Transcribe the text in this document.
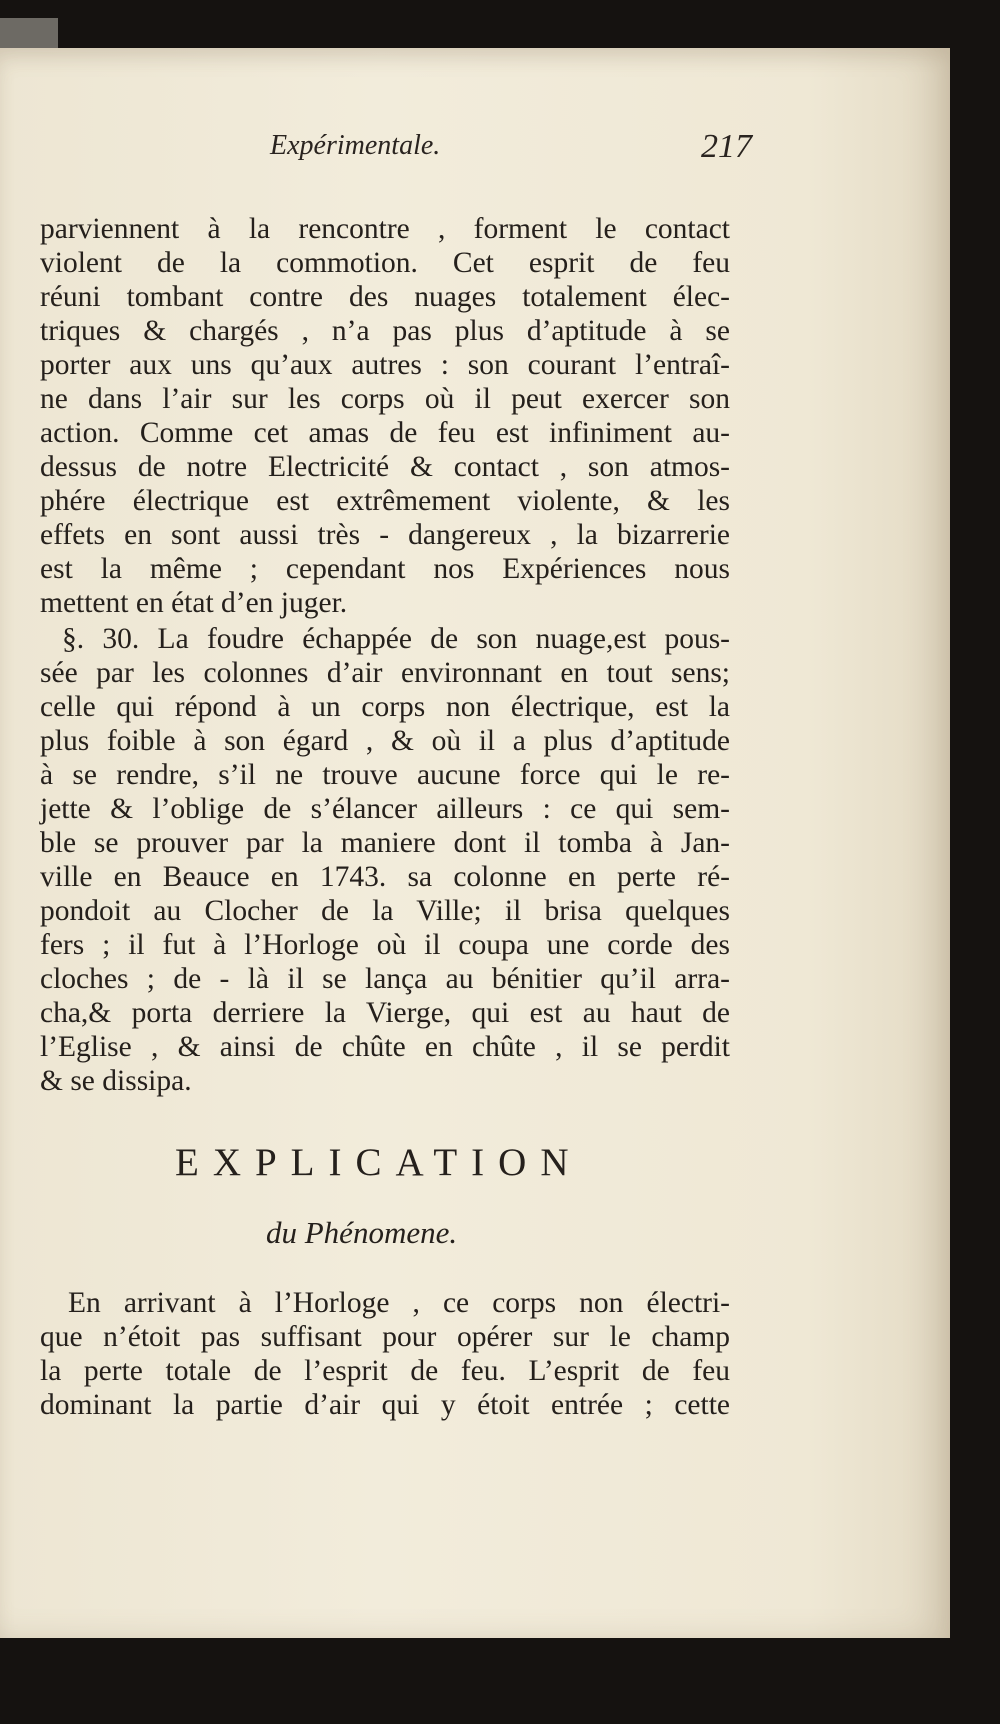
Expérimentale.	217
parviennent à la rencontre , forment le contact
violent de la commotion. Cet esprit de feu
réuni tombant contre des nuages totalement élec-
triques & chargés , n’a pas plus d’aptitude à se
porter aux uns qu’aux autres : son courant l’entraî-
ne dans l’air sur les corps où il peut exercer son
action. Comme cet amas de feu est infiniment au-
dessus de notre Electricité & contact , son atmos-
phére électrique est extrêmement violente, & les
effets en sont aussi très - dangereux , la bizarrerie
est la même ; cependant nos Expériences nous
mettent en état d’en juger.
§. 30. La foudre échappée de son nuage,est pous-
sée par les colonnes d’air environnant en tout sens;
celle qui répond à un corps non électrique, est la
plus foible à son égard , & où il a plus d’aptitude
à se rendre, s’il ne trouve aucune force qui le re-
jette & l’oblige de s’élancer ailleurs : ce qui sem-
ble se prouver par la maniere dont il tomba à Jan-
ville en Beauce en 1743. sa colonne en perte ré-
pondoit au Clocher de la Ville; il brisa quelques
fers ; il fut à l’Horloge où il coupa une corde des
cloches ; de - là il se lança au bénitier qu’il arra-
cha,& porta derriere la Vierge, qui est au haut de
l’Eglise , & ainsi de chûte en chûte , il se perdit
& se dissipa.
EXPLICATION
du Phénomene.
En arrivant à l’Horloge , ce corps non électri-
que n’étoit pas suffisant pour opérer sur le champ
la perte totale de l’esprit de feu. L’esprit de feu
dominant la partie d’air qui y étoit entrée ; cette
